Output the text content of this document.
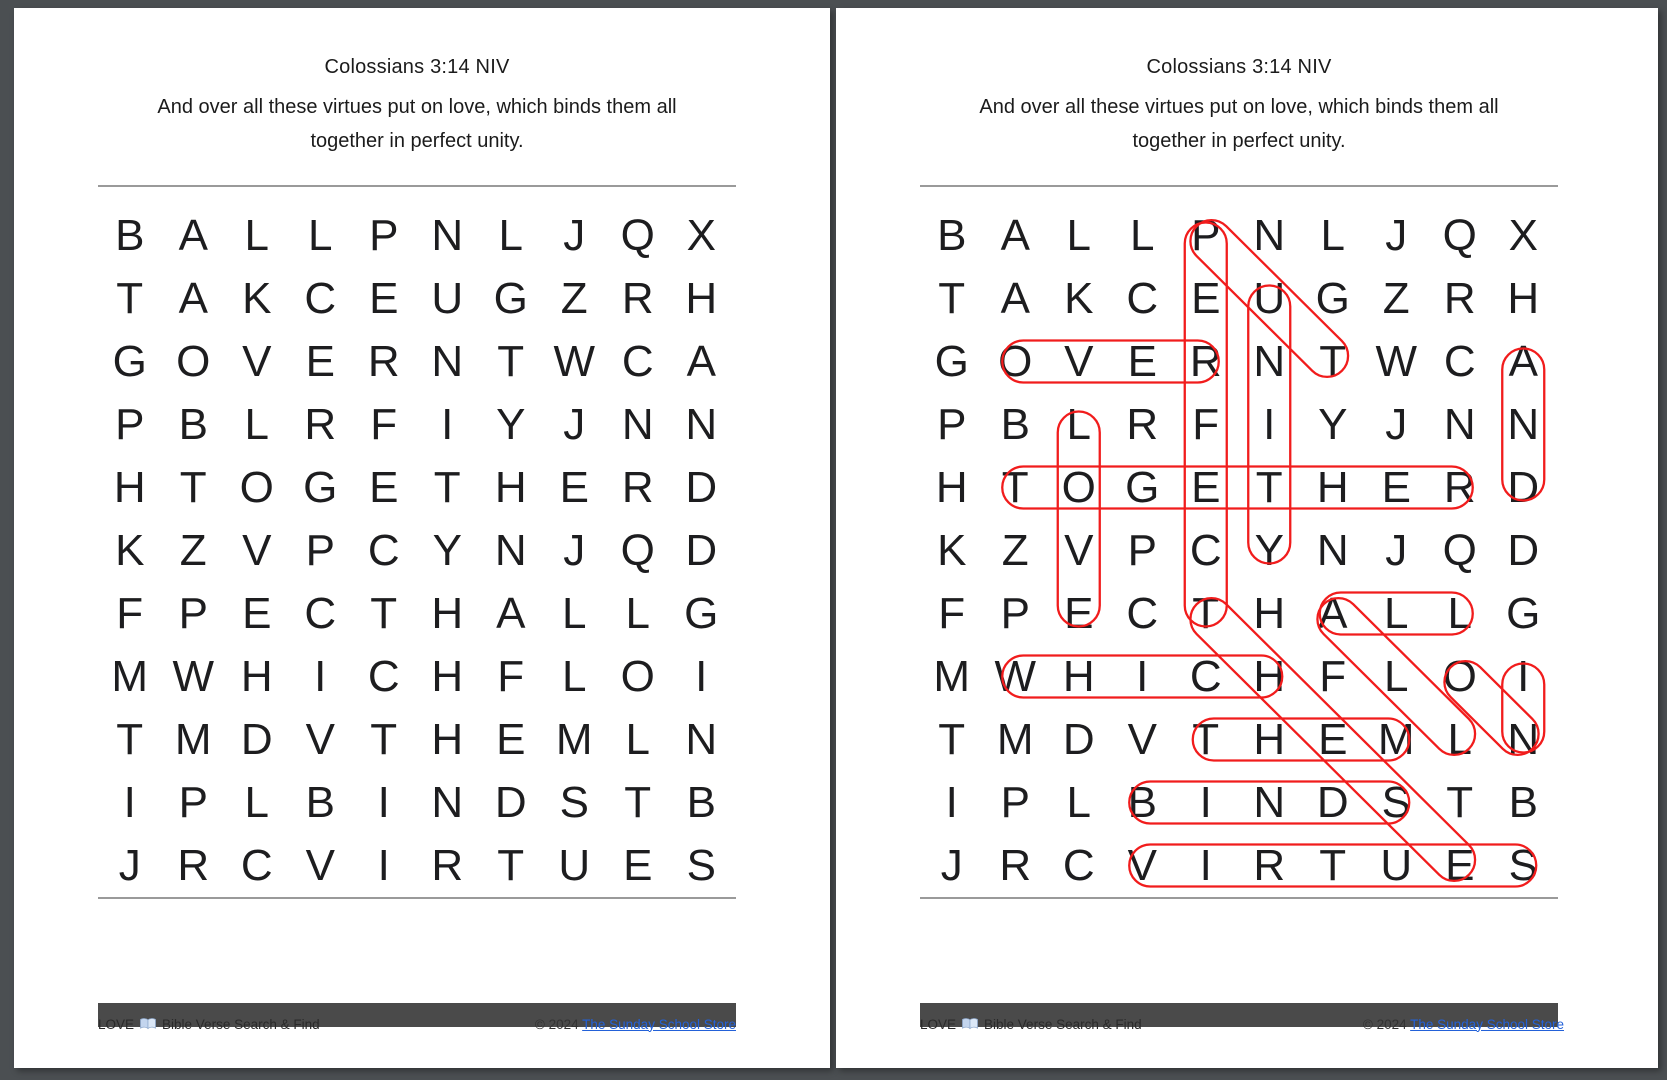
Colossians 3:14 NIV
And over all these virtues put on love, which binds them all
together in perfect unity.
B A L L P N L J Q X
T A K C E U G Z R H
G O V E R N T W C A
P B L R F I Y J N N
H T O G E T H E R D
K Z V P C Y N J Q D
F P E C T H A L L G
M W H I C H F L O I
T M D V T H E M L N
I P L B I N D S T B
J R C V I R T U E S
LOVE Bible Verse Search & Find	© 2024 The Sunday School Store
Colossians 3:14 NIV
And over all these virtues put on love, which binds them all
together in perfect unity.
B A L L P N L J Q X
T A K C E U G Z R H
G O V E R N T W C A
P B L R F I Y J N N
H T O G E T H E R D
K Z V P C Y N J Q D
F P E C T H A L L G
M W H I C H F L O I
T M D V T H E M L N
I P L B I N D S T B
J R C V I R T U E S
LOVE Bible Verse Search & Find	© 2024 The Sunday School Store
